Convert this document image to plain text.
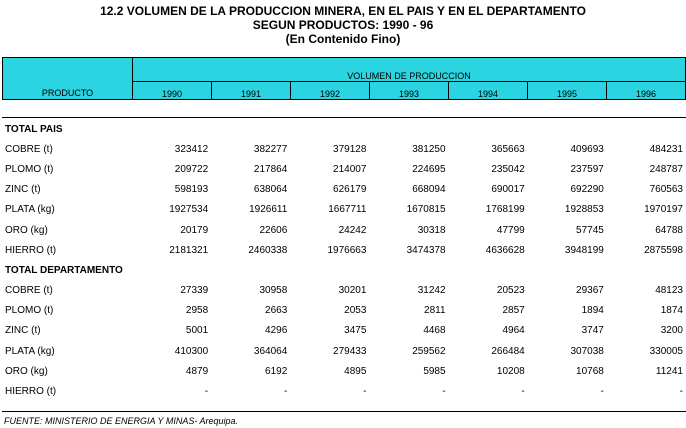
12.2 VOLUMEN DE LA PRODUCCION MINERA, EN EL PAIS Y EN EL DEPARTAMENTO
SEGUN PRODUCTOS: 1990 - 96
(En Contenido Fino)
PRODUCTO	VOLUMEN DE PRODUCCION						
	1990	1991	1992	1993	1994	1995	1996
TOTAL PAIS							
COBRE (t)	323412	382277	379128	381250	365663	409693	484231
PLOMO (t)	209722	217864	214007	224695	235042	237597	248787
ZINC (t)	598193	638064	626179	668094	690017	692290	760563
PLATA (kg)	1927534	1926611	1667711	1670815	1768199	1928853	1970197
ORO (kg)	20179	22606	24242	30318	47799	57745	64788
HIERRO (t)	2181321	2460338	1976663	3474378	4636628	3948199	2875598
TOTAL DEPARTAMENTO							
COBRE (t)	27339	30958	30201	31242	20523	29367	48123
PLOMO (t)	2958	2663	2053	2811	2857	1894	1874
ZINC (t)	5001	4296	3475	4468	4964	3747	3200
PLATA (kg)	410300	364064	279433	259562	266484	307038	330005
ORO (kg)	4879	6192	4895	5985	10208	10768	11241
HIERRO (t)	-	-	-	-	-	-	-
FUENTE: MINISTERIO DE ENERGIA Y MINAS- Arequipa.
